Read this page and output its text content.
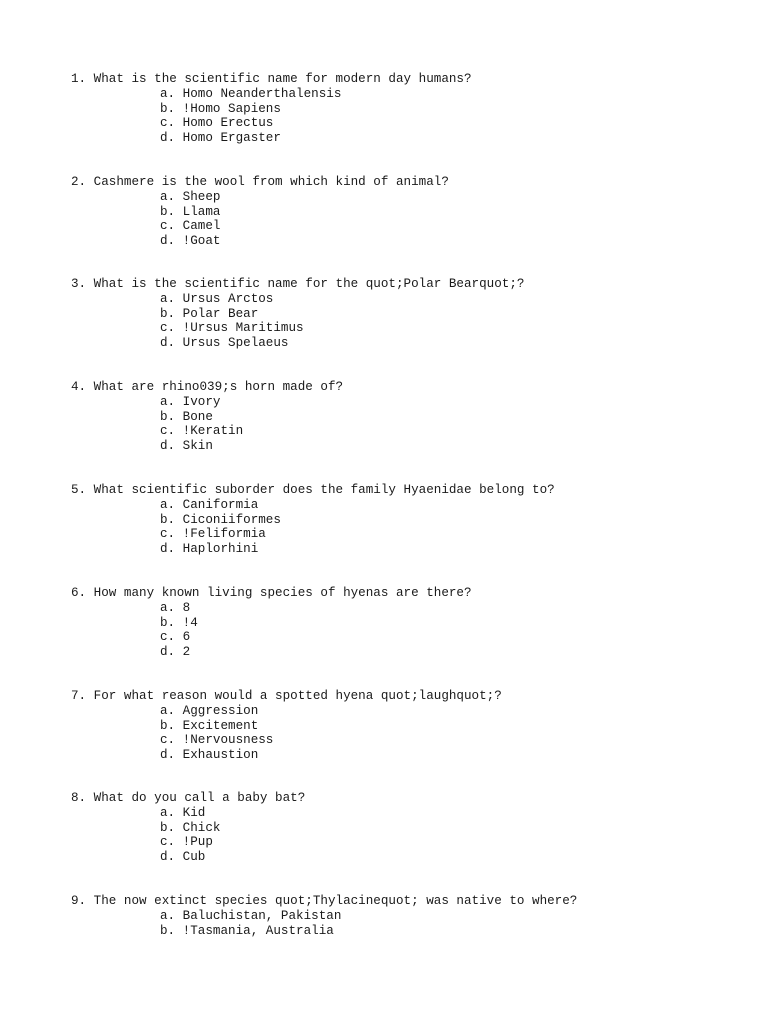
1. What is the scientific name for modern day humans?
a. Homo Neanderthalensis
b. !Homo Sapiens
c. Homo Erectus
d. Homo Ergaster
2. Cashmere is the wool from which kind of animal?
a. Sheep
b. Llama
c. Camel
d. !Goat
3. What is the scientific name for the quot;Polar Bearquot;?
a. Ursus Arctos
b. Polar Bear
c. !Ursus Maritimus
d. Ursus Spelaeus
4. What are rhino039;s horn made of?
a. Ivory
b. Bone
c. !Keratin
d. Skin
5. What scientific suborder does the family Hyaenidae belong to?
a. Caniformia
b. Ciconiiformes
c. !Feliformia
d. Haplorhini
6. How many known living species of hyenas are there?
a. 8
b. !4
c. 6
d. 2
7. For what reason would a spotted hyena quot;laughquot;?
a. Aggression
b. Excitement
c. !Nervousness
d. Exhaustion
8. What do you call a baby bat?
a. Kid
b. Chick
c. !Pup
d. Cub
9. The now extinct species quot;Thylacinequot; was native to where?
a. Baluchistan, Pakistan
b. !Tasmania, Australia
